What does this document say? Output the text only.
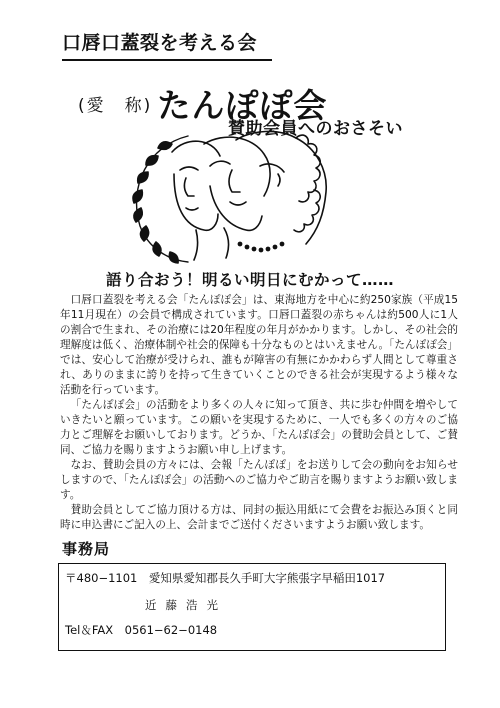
口唇口蓋裂を考える会
(愛　称) たんぽぽ会
賛助会員へのおさそい
語り合おう！明るい明日にむかって……

口唇口蓋裂を考える会「たんぽぽ会」は、東海地方を中心に約250家族（平成15年11月現在）の会員で構成されています。口唇口蓋裂の赤ちゃんは約500人に1人の割合で生まれ、その治療には20年程度の年月がかかります。しかし、その社会的理解度は低く、治療体制や社会的保障も十分なものとはいえません。「たんぽぽ会」では、安心して治療が受けられ、誰もが障害の有無にかかわらず人間として尊重され、ありのままに誇りを持って生きていくことのできる社会が実現するよう様々な活動を行っています。

「たんぽぽ会」の活動をより多くの人々に知って頂き、共に歩む仲間を増やしていきたいと願っています。この願いを実現するために、一人でも多くの方々のご協力とご理解をお願いしております。どうか、「たんぽぽ会」の賛助会員として、ご賛同、ご協力を賜りますようお願い申し上げます。

なお、賛助会員の方々には、会報「たんぽぽ」をお送りして会の動向をお知らせしますので、「たんぽぽ会」の活動へのご協力やご助言を賜りますようお願い致します。

賛助会員としてご協力頂ける方は、同封の振込用紙にて会費をお振込み頂くと同時に申込書にご記入の上、会計までご送付くださいますようお願い致します。

事務局
〒480−1101　愛知県愛知郡長久手町大字熊張字早稲田1017
近藤浩光
Tel＆FAX　0561−62−0148
